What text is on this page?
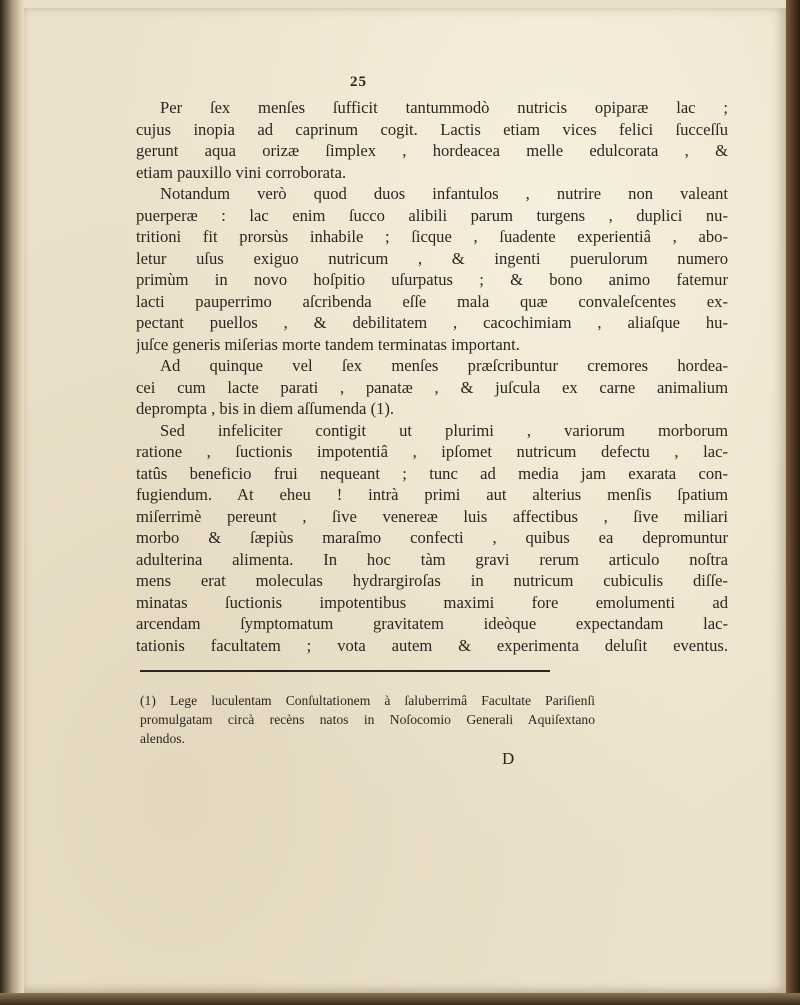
25
Per ſex menſes ſufficit tantummodò nutricis opiparæ lac ;
cujus inopia ad caprinum cogit. Lactis etiam vices felici ſucceſſu
gerunt aqua orizæ ſimplex , hordeacea melle edulcorata , &
etiam pauxillo vini corroborata.
Notandum verò quod duos infantulos , nutrire non valeant
puerperæ : lac enim ſucco alibili parum turgens , duplici nu-
tritioni fit prorsùs inhabile ; ſicque , ſuadente experientiâ , abo-
letur uſus exiguo nutricum , & ingenti puerulorum numero
primùm in novo hoſpitio uſurpatus ; & bono animo fatemur
lacti pauperrimo aſcribenda eſſe mala quæ convaleſcentes ex-
pectant puellos , & debilitatem , cacochimiam , aliaſque hu-
juſce generis miſerias morte tandem terminatas important.
Ad quinque vel ſex menſes præſcribuntur cremores hordea-
cei cum lacte parati , panatæ , & juſcula ex carne animalium
deprompta , bis in diem aſſumenda (1).
Sed infeliciter contigit ut plurimi , variorum morborum
ratione , ſuctionis impotentiâ , ipſomet nutricum defectu , lac-
tatûs beneficio frui nequeant ; tunc ad media jam exarata con-
fugiendum. At eheu ! intrà primi aut alterius menſis ſpatium
miſerrimè pereunt , ſive venereæ luis affectibus , ſive miliari
morbo & ſæpiùs maraſmo confecti , quibus ea depromuntur
adulterina alimenta. In hoc tàm gravi rerum articulo noſtra
mens erat moleculas hydrargiroſas in nutricum cubiculis diſſe-
minatas ſuctionis impotentibus maximi fore emolumenti ad
arcendam ſymptomatum gravitatem ideòque expectandam lac-
tationis facultatem ; vota autem & experimenta deluſit eventus.
(1) Lege luculentam Conſultationem à ſaluberrimâ Facultate Pariſienſi
promulgatam circà recèns natos in Noſocomio Generali Aquiſextano
alendos.
D
